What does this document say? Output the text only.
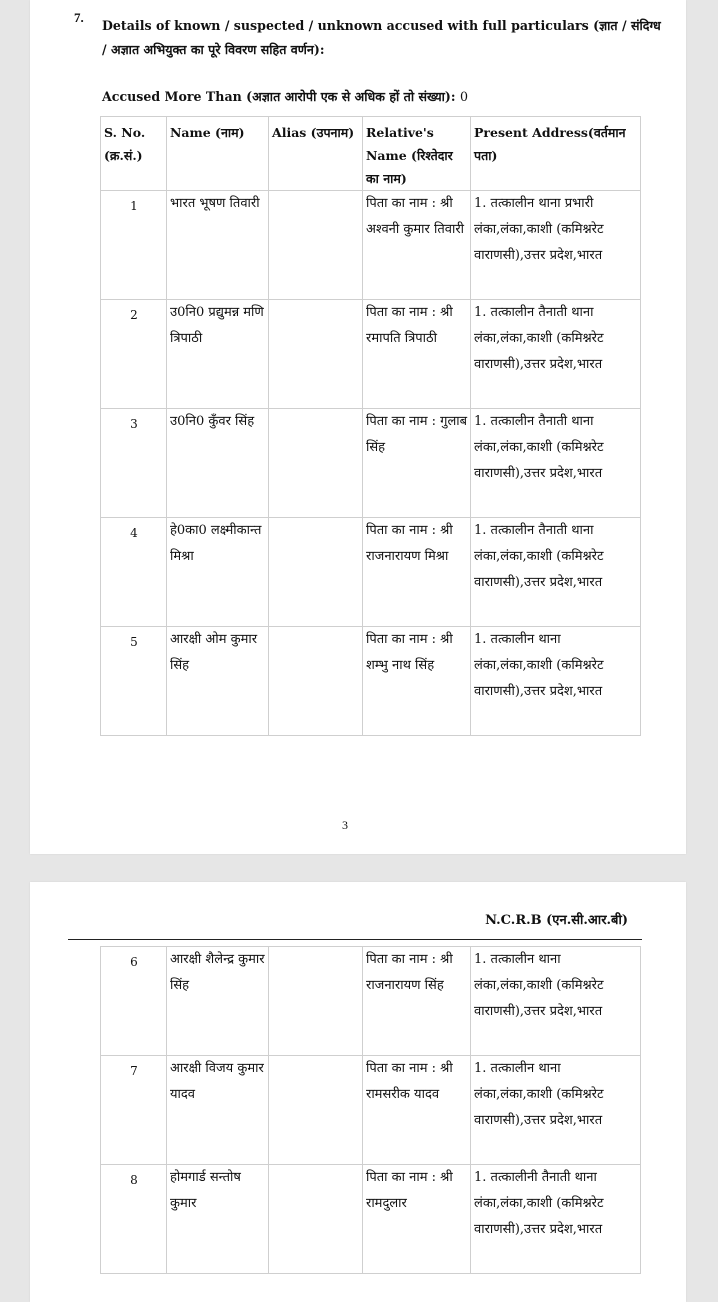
7.
Details of known / suspected / unknown accused with full particulars (ज्ञात / संदिग्ध / अज्ञात अभियुक्त का पूरे विवरण सहित वर्णन):
Accused More Than (अज्ञात आरोपी एक से अधिक हों तो संख्या): 0
S. No. (क्र.सं.)	Name (नाम)	Alias (उपनाम)	Relative's Name (रिश्तेदार का नाम)	Present Address(वर्तमान पता)
1	भारत भूषण तिवारी		पिता का नाम : श्री अश्वनी कुमार तिवारी	1. तत्कालीन थाना प्रभारी लंका,लंका,काशी (कमिश्नरेट वाराणसी),उत्तर प्रदेश,भारत
2	उ0नि0 प्रद्युमन्न मणि त्रिपाठी		पिता का नाम : श्री रमापति त्रिपाठी	1. तत्कालीन तैनाती थाना लंका,लंका,काशी (कमिश्नरेट वाराणसी),उत्तर प्रदेश,भारत
3	उ0नि0 कुँवर सिंह		पिता का नाम : गुलाब सिंह	1. तत्कालीन तैनाती थाना लंका,लंका,काशी (कमिश्नरेट वाराणसी),उत्तर प्रदेश,भारत
4	हे0का0 लक्ष्मीकान्त मिश्रा		पिता का नाम : श्री राजनारायण मिश्रा	1. तत्कालीन तैनाती थाना लंका,लंका,काशी (कमिश्नरेट वाराणसी),उत्तर प्रदेश,भारत
5	आरक्षी ओम कुमार सिंह		पिता का नाम : श्री शम्भु नाथ सिंह	1. तत्कालीन थाना लंका,लंका,काशी (कमिश्नरेट वाराणसी),उत्तर प्रदेश,भारत
3
N.C.R.B (एन.सी.आर.बी)
6	आरक्षी शैलेन्द्र कुमार सिंह		पिता का नाम : श्री राजनारायण सिंह	1. तत्कालीन थाना लंका,लंका,काशी (कमिश्नरेट वाराणसी),उत्तर प्रदेश,भारत
7	आरक्षी विजय कुमार यादव		पिता का नाम : श्री रामसरीक यादव	1. तत्कालीन थाना लंका,लंका,काशी (कमिश्नरेट वाराणसी),उत्तर प्रदेश,भारत
8	होमगार्ड सन्तोष कुमार		पिता का नाम : श्री रामदुलार	1. तत्कालीनी तैनाती थाना लंका,लंका,काशी (कमिश्नरेट वाराणसी),उत्तर प्रदेश,भारत
